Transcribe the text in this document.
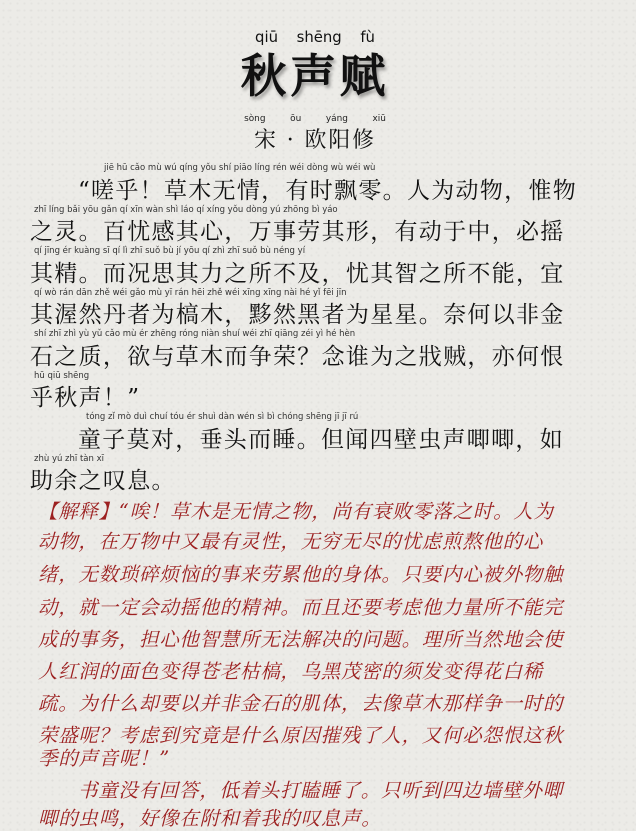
qiū shēng fù
秋声赋
sòng ōu yáng xiū
宋 · 欧阳修
jiē hū cǎo mù wú qíng yǒu shí piāo líng rén wéi dòng wù wéi wù
“嗟乎！草木无情，有时飘零。人为动物，惟物
zhī líng bǎi yōu gǎn qí xīn wàn shì láo qí xíng yǒu dòng yú zhōng bì yáo
之灵。百忧感其心，万事劳其形，有动于中，必摇
qí jīng ér kuàng sī qí lì zhī suǒ bù jí yōu qí zhì zhī suǒ bù néng yí
其精。而况思其力之所不及，忧其智之所不能，宜
qí wò rán dān zhě wéi gǎo mù yī rán hēi zhě wéi xīng xīng nài hé yǐ fēi jīn
其渥然丹者为槁木，黟然黑者为星星。奈何以非金
shí zhī zhì yù yǔ cǎo mù ér zhēng róng niàn shuí wéi zhī qiāng zéi yì hé hèn
石之质，欲与草木而争荣？念谁为之戕贼，亦何恨
hū qiū shēng
乎秋声！”
tóng zǐ mò duì chuí tóu ér shuì dàn wén sì bì chóng shēng jī jī rú
童子莫对，垂头而睡。但闻四壁虫声唧唧，如
zhù yú zhī tàn xī
助余之叹息。
【解释】“唉！草木是无情之物，尚有衰败零落之时。人为
动物，在万物中又最有灵性，无穷无尽的忧虑煎熬他的心
绪，无数琐碎烦恼的事来劳累他的身体。只要内心被外物触
动，就一定会动摇他的精神。而且还要考虑他力量所不能完
成的事务，担心他智慧所无法解决的问题。理所当然地会使
人红润的面色变得苍老枯槁，乌黑茂密的须发变得花白稀
疏。为什么却要以并非金石的肌体，去像草木那样争一时的
荣盛呢？考虑到究竟是什么原因摧残了人，又何必怨恨这秋
季的声音呢！”
书童没有回答，低着头打瞌睡了。只听到四边墙壁外唧
唧的虫鸣，好像在附和着我的叹息声。
